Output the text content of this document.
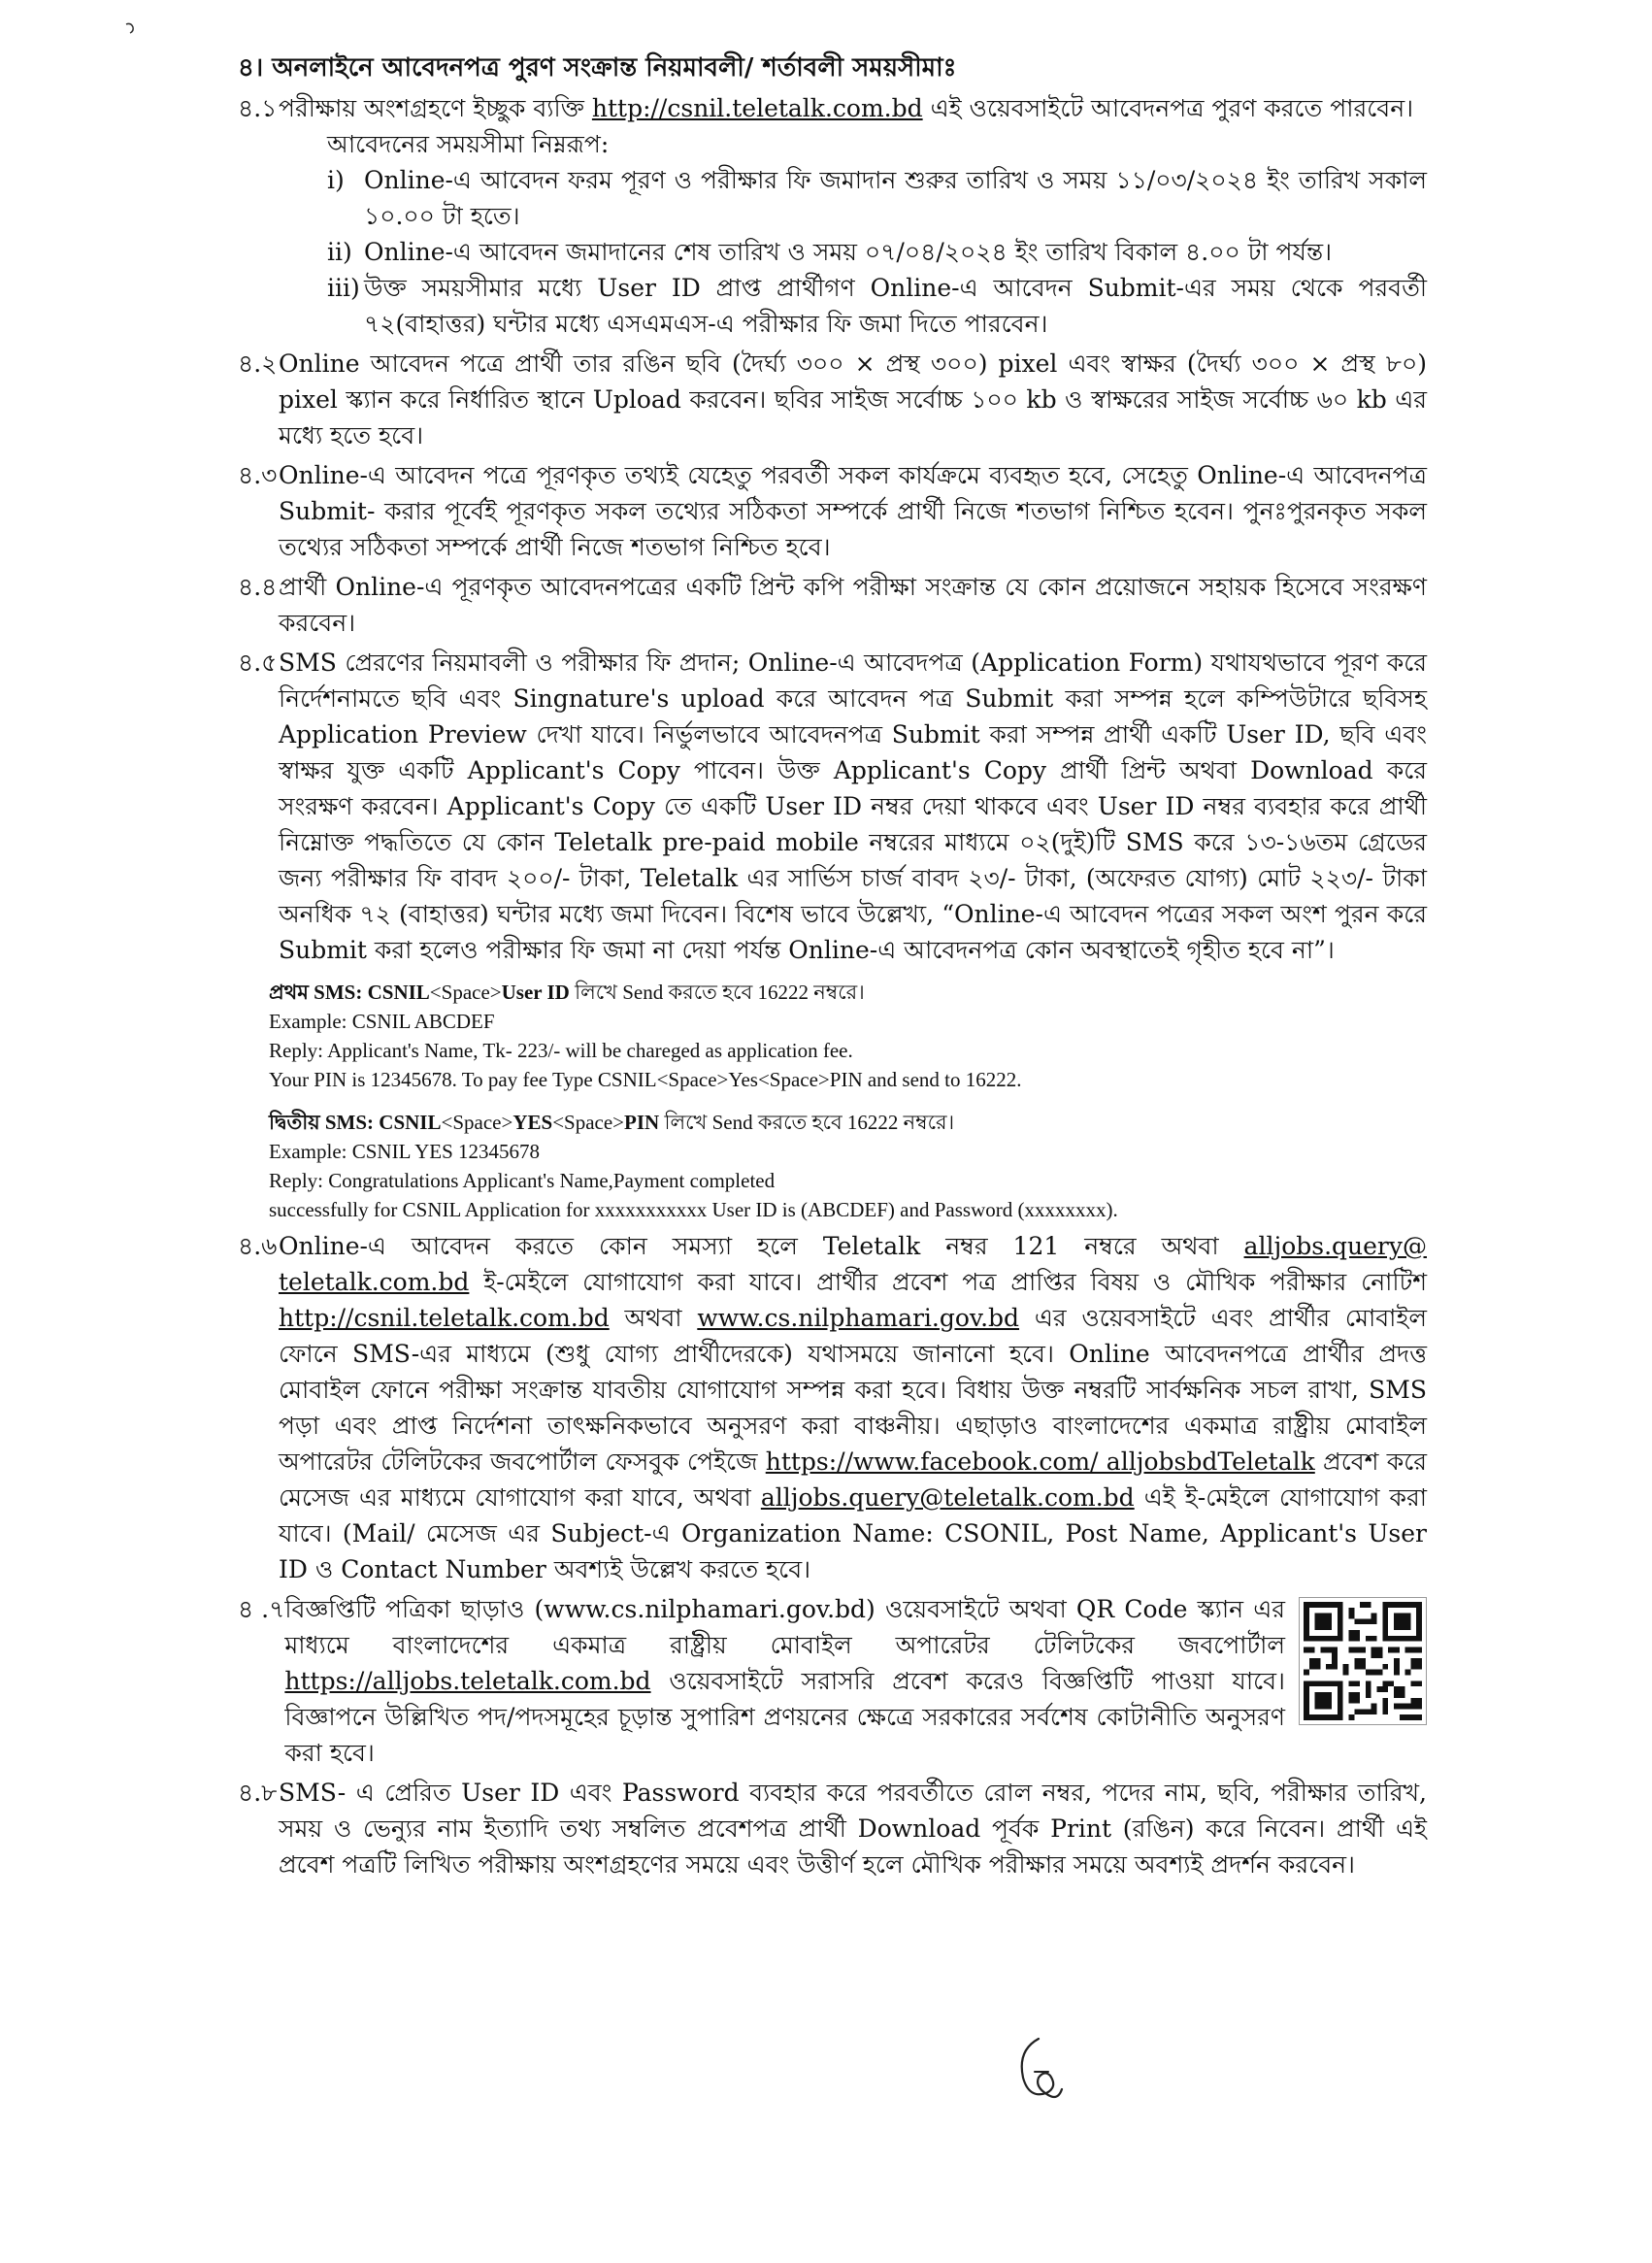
৪। অনলাইনে আবেদনপত্র পুরণ সংক্রান্ত নিয়মাবলী/ শর্তাবলী সময়সীমাঃ
৪.১ পরীক্ষায় অংশগ্রহণে ইচ্ছুক ব্যক্তি http://csnil.teletalk.com.bd এই ওয়েবসাইটে আবেদনপত্র পুরণ করতে পারবেন।
আবেদনের সময়সীমা নিম্নরূপ:
i) Online-এ আবেদন ফরম পূরণ ও পরীক্ষার ফি জমাদান শুরুর তারিখ ও সময় ১১/০৩/২০২৪ ইং তারিখ সকাল ১০.০০ টা হতে।
ii) Online-এ আবেদন জমাদানের শেষ তারিখ ও সময় ০৭/০৪/২০২৪ ইং তারিখ বিকাল ৪.০০ টা পর্যন্ত।
iii) উক্ত সময়সীমার মধ্যে User ID প্রাপ্ত প্রার্থীগণ Online-এ আবেদন Submit-এর সময় থেকে পরবর্তী ৭২(বাহাত্তর) ঘন্টার মধ্যে এসএমএস-এ পরীক্ষার ফি জমা দিতে পারবেন।
৪.২ Online আবেদন পত্রে প্রার্থী তার রঙিন ছবি (দৈর্ঘ্য ৩০০ × প্রস্থ ৩০০) pixel এবং স্বাক্ষর (দৈর্ঘ্য ৩০০ × প্রস্থ ৮০) pixel স্ক্যান করে নির্ধারিত স্থানে Upload করবেন। ছবির সাইজ সর্বোচ্চ ১০০ kb ও স্বাক্ষরের সাইজ সর্বোচ্চ ৬০ kb এর মধ্যে হতে হবে।
৪.৩ Online-এ আবেদন পত্রে পূরণকৃত তথ্যই যেহেতু পরবর্তী সকল কার্যক্রমে ব্যবহৃত হবে, সেহেতু Online-এ আবেদনপত্র Submit- করার পূর্বেই পূরণকৃত সকল তথ্যের সঠিকতা সম্পর্কে প্রার্থী নিজে শতভাগ নিশ্চিত হবেন। পুনঃপুরনকৃত সকল তথ্যের সঠিকতা সম্পর্কে প্রার্থী নিজে শতভাগ নিশ্চিত হবে।
৪.৪ প্রার্থী Online-এ পূরণকৃত আবেদনপত্রের একটি প্রিন্ট কপি পরীক্ষা সংক্রান্ত যে কোন প্রয়োজনে সহায়ক হিসেবে সংরক্ষণ করবেন।
৪.৫ SMS প্রেরণের নিয়মাবলী ও পরীক্ষার ফি প্রদান; Online-এ আবেদপত্র (Application Form) যথাযথভাবে পূরণ করে নির্দেশনামতে ছবি এবং Singnature's upload করে আবেদন পত্র Submit করা সম্পন্ন হলে কম্পিউটারে ছবিসহ Application Preview দেখা যাবে। নির্ভুলভাবে আবেদনপত্র Submit করা সম্পন্ন প্রার্থী একটি User ID, ছবি এবং স্বাক্ষর যুক্ত একটি Applicant's Copy পাবেন। উক্ত Applicant's Copy প্রার্থী প্রিন্ট অথবা Download করে সংরক্ষণ করবেন। Applicant's Copy তে একটি User ID নম্বর দেয়া থাকবে এবং User ID নম্বর ব্যবহার করে প্রার্থী নিম্নোক্ত পদ্ধতিতে যে কোন Teletalk pre-paid mobile নম্বরের মাধ্যমে ০২(দুই)টি SMS করে ১৩-১৬তম গ্রেডের জন্য পরীক্ষার ফি বাবদ ২০০/- টাকা, Teletalk এর সার্ভিস চার্জ বাবদ ২৩/- টাকা, (অফেরত যোগ্য) মোট ২২৩/- টাকা অনধিক ৭২ (বাহাত্তর) ঘন্টার মধ্যে জমা দিবেন। বিশেষ ভাবে উল্লেখ্য, “Online-এ আবেদন পত্রের সকল অংশ পুরন করে Submit করা হলেও পরীক্ষার ফি জমা না দেয়া পর্যন্ত Online-এ আবেদনপত্র কোন অবস্থাতেই গৃহীত হবে না”।
প্রথম SMS: CSNIL<Space>User ID লিখে Send করতে হবে 16222 নম্বরে।
Example: CSNIL ABCDEF
Reply: Applicant's Name, Tk- 223/- will be chareged as application fee.
Your PIN is 12345678. To pay fee Type CSNIL<Space>Yes<Space>PIN and send to 16222.
দ্বিতীয় SMS: CSNIL<Space>YES<Space>PIN লিখে Send করতে হবে 16222 নম্বরে।
Example: CSNIL YES 12345678
Reply: Congratulations Applicant's Name,Payment completed
successfully for CSNIL Application for xxxxxxxxxxx User ID is (ABCDEF) and Password (xxxxxxxx).
৪.৬ Online-এ আবেদন করতে কোন সমস্যা হলে Teletalk নম্বর 121 নম্বরে অথবা alljobs.query@ teletalk.com.bd ই-মেইলে যোগাযোগ করা যাবে। প্রার্থীর প্রবেশ পত্র প্রাপ্তির বিষয় ও মৌখিক পরীক্ষার নোটিশ http://csnil.teletalk.com.bd অথবা www.cs.nilphamari.gov.bd এর ওয়েবসাইটে এবং প্রার্থীর মোবাইল ফোনে SMS-এর মাধ্যমে (শুধু যোগ্য প্রার্থীদেরকে) যথাসময়ে জানানো হবে। Online আবেদনপত্রে প্রার্থীর প্রদত্ত মোবাইল ফোনে পরীক্ষা সংক্রান্ত যাবতীয় যোগাযোগ সম্পন্ন করা হবে। বিধায় উক্ত নম্বরটি সার্বক্ষনিক সচল রাখা, SMS পড়া এবং প্রাপ্ত নির্দেশনা তাৎক্ষনিকভাবে অনুসরণ করা বাঞ্চনীয়। এছাড়াও বাংলাদেশের একমাত্র রাষ্ট্রীয় মোবাইল অপারেটর টেলিটকের জবপোর্টাল ফেসবুক পেইজে https://www.facebook.com/ alljobsbdTeletalk প্রবেশ করে মেসেজ এর মাধ্যমে যোগাযোগ করা যাবে, অথবা alljobs.query@teletalk.com.bd এই ই-মেইলে যোগাযোগ করা যাবে। (Mail/ মেসেজ এর Subject-এ Organization Name: CSONIL, Post Name, Applicant's User ID ও Contact Number অবশ্যই উল্লেখ করতে হবে।
৪ .৭ বিজ্ঞপ্তিটি পত্রিকা ছাড়াও (www.cs.nilphamari.gov.bd) ওয়েবসাইটে অথবা QR Code স্ক্যান এর মাধ্যমে বাংলাদেশের একমাত্র রাষ্ট্রীয় মোবাইল অপারেটর টেলিটকের জবপোর্টাল https://alljobs.teletalk.com.bd ওয়েবসাইটে সরাসরি প্রবেশ করেও বিজ্ঞপ্তিটি পাওয়া যাবে। বিজ্ঞাপনে উল্লিখিত পদ/পদসমূহের চূড়ান্ত সুপারিশ প্রণয়নের ক্ষেত্রে সরকারের সর্বশেষ কোটানীতি অনুসরণ করা হবে।
৪.৮ SMS- এ প্রেরিত User ID এবং Password ব্যবহার করে পরবর্তীতে রোল নম্বর, পদের নাম, ছবি, পরীক্ষার তারিখ, সময় ও ভেন্যুর নাম ইত্যাদি তথ্য সম্বলিত প্রবেশপত্র প্রার্থী Download পূর্বক Print (রঙিন) করে নিবেন। প্রার্থী এই প্রবেশ পত্রটি লিখিত পরীক্ষায় অংশগ্রহণের সময়ে এবং উত্তীর্ণ হলে মৌখিক পরীক্ষার সময়ে অবশ্যই প্রদর্শন করবেন।
